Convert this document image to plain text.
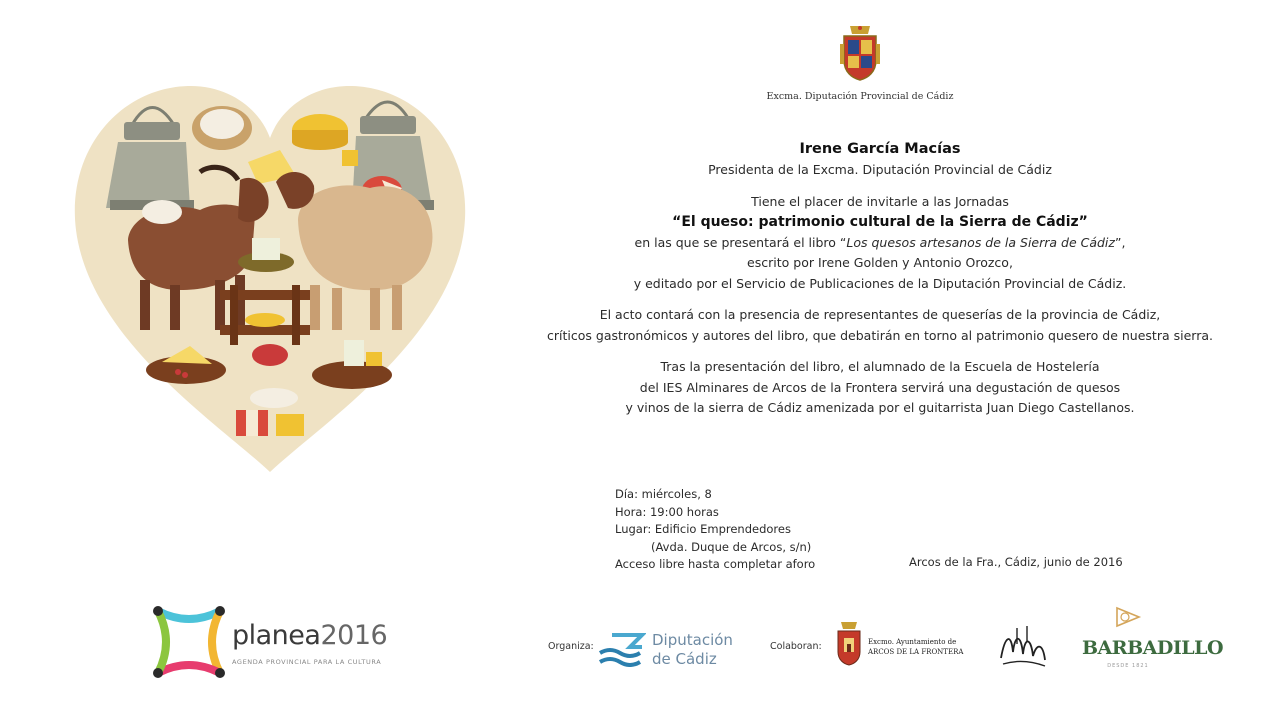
Excma. Diputación Provincial de Cádiz

Irene García Macías

Presidenta de la Excma. Diputación Provincial de Cádiz

Tiene el placer de invitarle a las Jornadas

“El queso: patrimonio cultural de la Sierra de Cádiz”

en las que se presentará el libro “Los quesos artesanos de la Sierra de Cádiz”,

escrito por Irene Golden y Antonio Orozco,

y editado por el Servicio de Publicaciones de la Diputación Provincial de Cádiz.

El acto contará con la presencia de representantes de queserías de la provincia de Cádiz,

críticos gastronómicos y autores del libro, que debatirán en torno al patrimonio quesero de nuestra sierra.

Tras la presentación del libro, el alumnado de la Escuela de Hostelería

del IES Alminares de Arcos de la Frontera servirá una degustación de quesos

y vinos de la sierra de Cádiz amenizada por el guitarrista Juan Diego Castellanos.

Día: miércoles, 8
Hora: 19:00 horas
Lugar: Edificio Emprendedores
(Avda. Duque de Arcos, s/n)
Acceso libre hasta completar aforo	Arcos de la Fra., Cádiz, junio de 2016
planea2016
AGENDA PROVINCIAL PARA LA CULTURA
Organiza:	Diputación
de Cádiz
Colaboran:	Excmo. Ayuntamiento de
ARCOS DE LA FRONTERA	BARBADILLO
DESDE 1821
